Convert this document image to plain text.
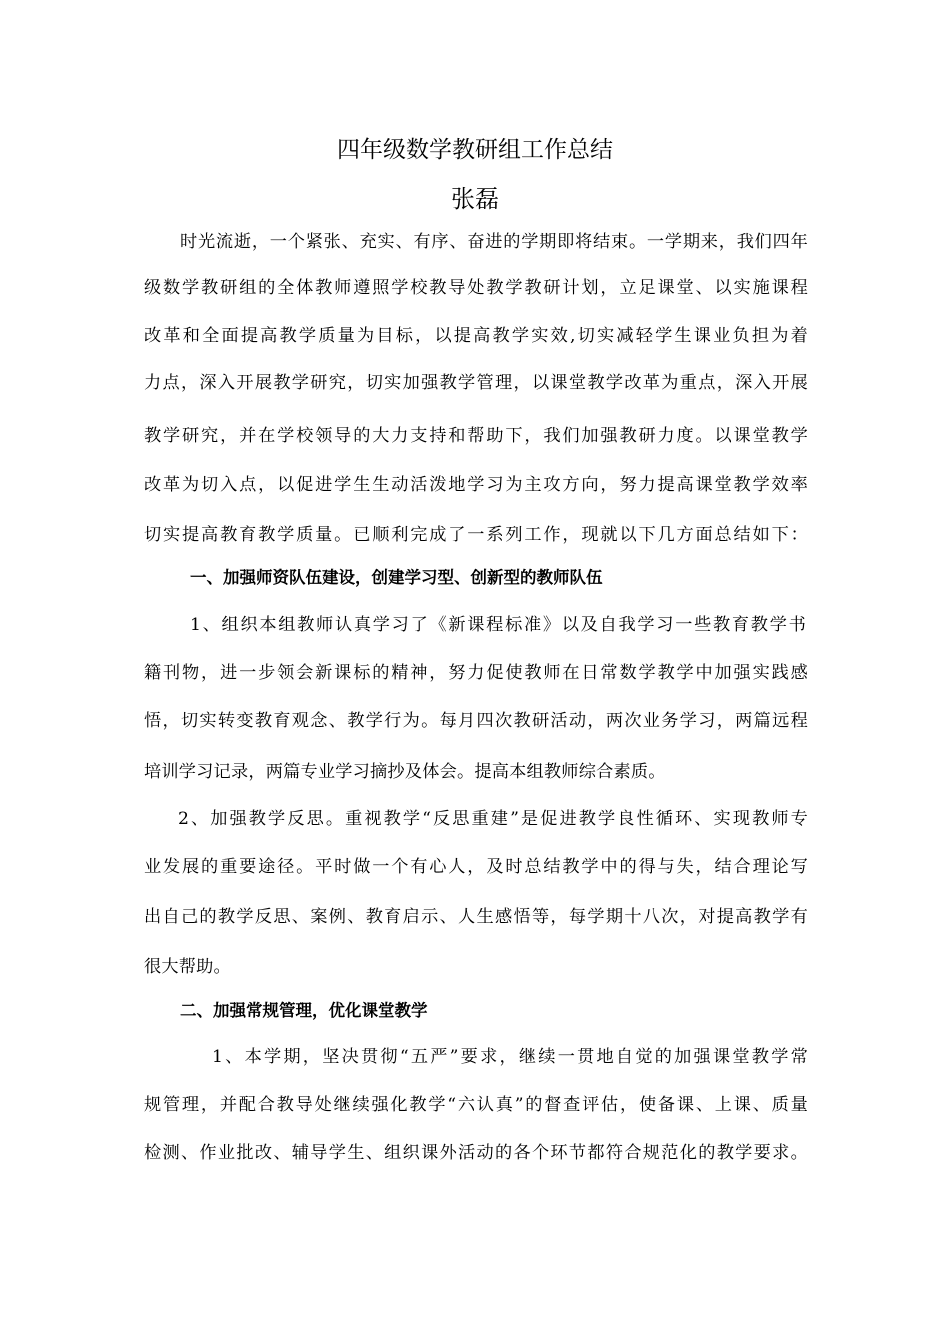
四年级数学教研组工作总结
张磊
时光流逝，一个紧张、充实、有序、奋进的学期即将结束。一学期来，我们四年
级数学教研组的全体教师遵照学校教导处教学教研计划，立足课堂、以实施课程
改革和全面提高教学质量为目标，以提高教学实效,切实减轻学生课业负担为着
力点，深入开展教学研究，切实加强教学管理，以课堂教学改革为重点，深入开展
教学研究，并在学校领导的大力支持和帮助下，我们加强教研力度。以课堂教学
改革为切入点，以促进学生生动活泼地学习为主攻方向，努力提高课堂教学效率
切实提高教育教学质量。已顺利完成了一系列工作，现就以下几方面总结如下：
一、加强师资队伍建设，创建学习型、创新型的教师队伍
1、组织本组教师认真学习了《新课程标准》以及自我学习一些教育教学书
籍刊物，进一步领会新课标的精神，努力促使教师在日常数学教学中加强实践感
悟，切实转变教育观念、教学行为。每月四次教研活动，两次业务学习，两篇远程
培训学习记录，两篇专业学习摘抄及体会。提高本组教师综合素质。
2、加强教学反思。重视教学“反思重建”是促进教学良性循环、实现教师专
业发展的重要途径。平时做一个有心人，及时总结教学中的得与失，结合理论写
出自己的教学反思、案例、教育启示、人生感悟等，每学期十八次，对提高教学有
很大帮助。
二、加强常规管理，优化课堂教学
1、本学期，坚决贯彻“五严”要求，继续一贯地自觉的加强课堂教学常
规管理，并配合教导处继续强化教学“六认真”的督查评估，使备课、上课、质量
检测、作业批改、辅导学生、组织课外活动的各个环节都符合规范化的教学要求。
